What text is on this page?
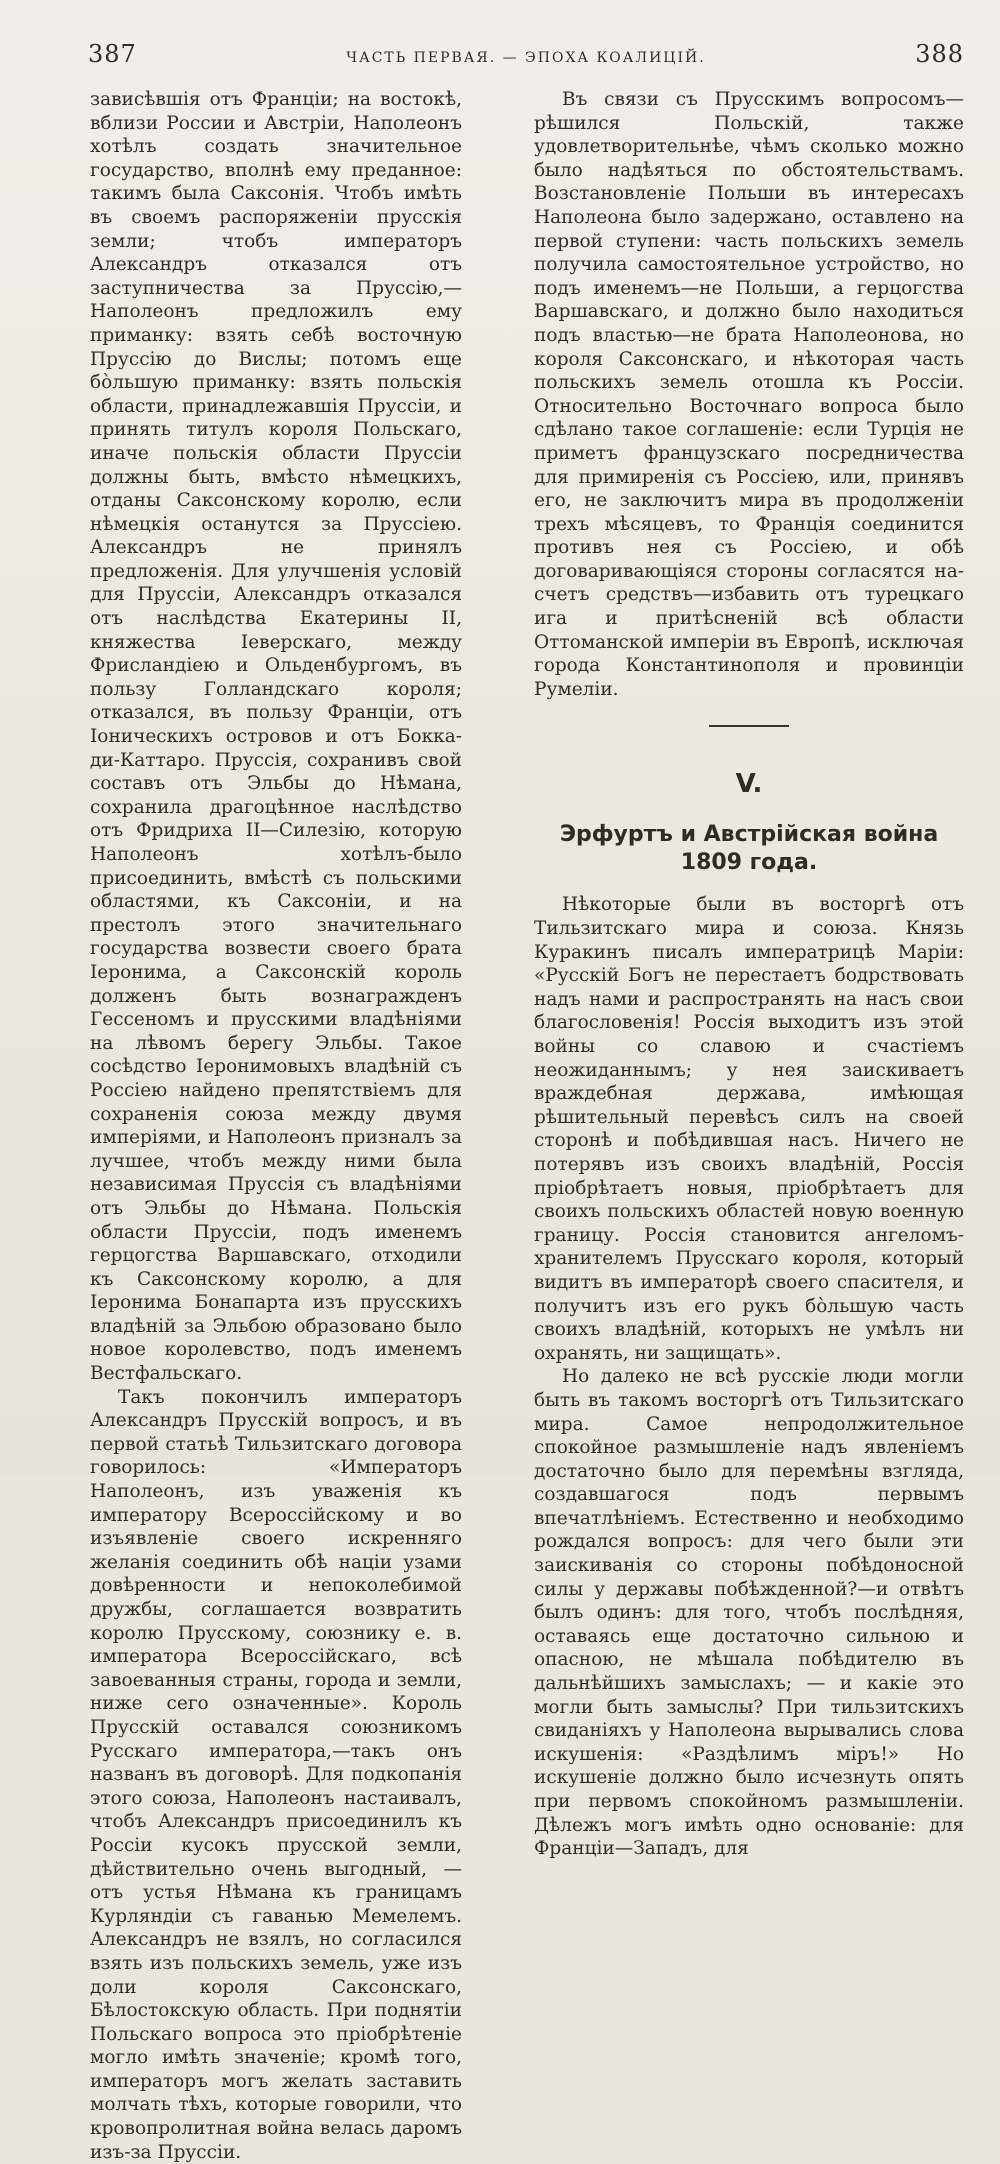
387	ЧАСТЬ ПЕРВАЯ. — ЭПОХА КОАЛИЦІЙ.	388

зависѣвшія отъ Франціи; на востокѣ, вблизи России и Австріи, Наполеонъ хотѣлъ создать значительное государство, вполнѣ ему преданное: такимъ была Саксонія. Чтобъ имѣть въ своемъ распоряженіи прусскія земли; чтобъ императоръ Александръ отказался отъ заступничества за Пруссію,—Наполеонъ предложилъ ему приманку: взять себѣ восточную Пруссію до Вислы; потомъ еще бо̀льшую приманку: взять польскія области, принадлежавшія Пруссіи, и принять титулъ короля Польскаго, иначе польскія области Пруссіи должны быть, вмѣсто нѣмецкихъ, отданы Саксонскому королю, если нѣмецкія останутся за Пруссіею. Александръ не принялъ предложенія. Для улучшенія условій для Пруссіи, Александръ отказался отъ наслѣдства Екатерины II, княжества Іеверскаго, между Фрисландіею и Ольденбургомъ, въ пользу Голландскаго короля; отказался, въ пользу Франціи, отъ Іоническихъ островов и отъ Бокка-ди-Каттаро. Пруссія, сохранивъ свой составъ отъ Эльбы до Нѣмана, сохранила драгоцѣнное наслѣдство отъ Фридриха II—Силезію, которую Наполеонъ хотѣлъ-было присоединить, вмѣстѣ съ польскими областями, къ Саксоніи, и на престолъ этого значительнаго государства возвести своего брата Іеронима, а Саксонскій король долженъ быть вознагражденъ Гессеномъ и прусскими владѣніями на лѣвомъ берегу Эльбы. Такое сосѣдство Іеронимовыхъ владѣній съ Россіею найдено препятствіемъ для сохраненія союза между двумя имперіями, и Наполеонъ призналъ за лучшее, чтобъ между ними была независимая Пруссія съ владѣніями отъ Эльбы до Нѣмана. Польскія области Пруссіи, подъ именемъ герцогства Варшавскаго, отходили къ Саксонскому королю, а для Іеронима Бонапарта изъ прусскихъ владѣній за Эльбою образовано было новое королевство, подъ именемъ Вестфальскаго.

Такъ покончилъ императоръ Александръ Прусскій вопросъ, и въ первой статьѣ Тильзитскаго договора говорилось: «Императоръ Наполеонъ, изъ уваженія къ императору Всероссійскому и во изъявленіе своего искренняго желанія соединить обѣ націи узами довѣренности и непоколебимой дружбы, соглашается возвратить королю Прусскому, союзнику е. в. императора Всероссійскаго, всѣ завоеванныя страны, города и земли, ниже сего означенные». Король Прусскій оставался союзникомъ Русскаго императора,—такъ онъ названъ въ договорѣ. Для подкопанія этого союза, Наполеонъ настаивалъ, чтобъ Александръ присоединилъ къ Россіи кусокъ прусской земли, дѣйствительно очень выгодный, — отъ устья Нѣмана къ границамъ Курляндіи съ гаванью Мемелемъ. Александръ не взялъ, но согласился взять изъ польскихъ земель, уже изъ доли короля Саксонскаго, Бѣлостокскую область. При поднятіи Польскаго вопроса это пріобрѣтеніе могло имѣть значеніе; кромѣ того, императоръ могъ желать заставить молчать тѣхъ, которые говорили, что кровопролитная война велась даромъ изъ-за Пруссіи.

Въ связи съ Прусскимъ вопросомъ—рѣшился Польскій, также удовлетворительнѣе, чѣмъ сколько можно было надѣяться по обстоятельствамъ. Возстановленіе Польши въ интересахъ Наполеона было задержано, оставлено на первой ступени: часть польскихъ земель получила самостоятельное устройство, но подъ именемъ—не Польши, а герцогства Варшавскаго, и должно было находиться подъ властью—не брата Наполеонова, но короля Саксонскаго, и нѣкоторая часть польскихъ земель отошла къ Россіи. Относительно Восточнаго вопроса было сдѣлано такое соглашеніе: если Турція не приметъ французскаго посредничества для примиренія съ Россіею, или, принявъ его, не заключитъ мира въ продолженіи трехъ мѣсяцевъ, то Франція соединится противъ нея съ Россіею, и обѣ договаривающіяся стороны согласятся на-счетъ средствъ—избавить отъ турецкаго ига и притѣсненій всѣ области Оттоманской имперіи въ Европѣ, исключая города Константинополя и провинціи Румеліи.

V.
Эрфуртъ и Австрійская война 1809 года.

Нѣкоторые были въ восторгѣ отъ Тильзитскаго мира и союза. Князь Куракинъ писалъ императрицѣ Маріи: «Русскій Богъ не перестаетъ бодрствовать надъ нами и распространять на насъ свои благословенія! Россія выходитъ изъ этой войны со славою и счастіемъ неожиданнымъ; у нея заискиваетъ враждебная держава, имѣющая рѣшительный перевѣсъ силъ на своей сторонѣ и побѣдившая насъ. Ничего не потерявъ изъ своихъ владѣній, Россія пріобрѣтаетъ новыя, пріобрѣтаетъ для своихъ польскихъ областей новую военную границу. Россія становится ангеломъ-хранителемъ Прусскаго короля, который видитъ въ императорѣ своего спасителя, и получитъ изъ его рукъ бо̀льшую часть своихъ владѣній, которыхъ не умѣлъ ни охранять, ни защищать».

Но далеко не всѣ русскіе люди могли быть въ такомъ восторгѣ отъ Тильзитскаго мира. Самое непродолжительное спокойное размышленіе надъ явленіемъ достаточно было для перемѣны взгляда, создавшагося подъ первымъ впечатлѣніемъ. Естественно и необходимо рождался вопросъ: для чего были эти заискиванія со стороны побѣдоносной силы у державы побѣжденной?—и отвѣтъ былъ одинъ: для того, чтобъ послѣдняя, оставаясь еще достаточно сильною и опасною, не мѣшала побѣдителю въ дальнѣйшихъ замыслахъ; — и какіе это могли быть замыслы? При тильзитскихъ свиданіяхъ у Наполеона вырывались слова искушенія: «Раздѣлимъ міръ!» Но искушеніе должно было исчезнуть опять при первомъ спокойномъ размышленіи. Дѣлежъ могъ имѣть одно основаніе: для Франціи—Западъ, для
